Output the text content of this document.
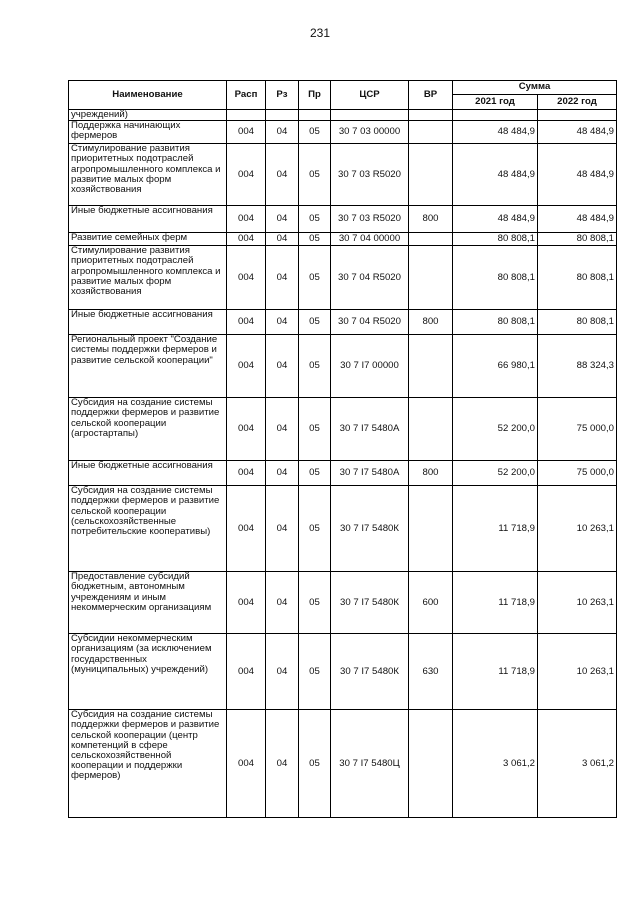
231
Наименование	Расп	Рз	Пр	ЦСР	ВР	Сумма	
						2021 год	2022 год
учреждений)							
Поддержка начинающих фермеров	004	04	05	30 7 03 00000		48 484,9	48 484,9
Стимулирование развития приоритетных подотраслей агропромышленного комплекса и развитие малых форм хозяйствования	004	04	05	30 7 03 R5020		48 484,9	48 484,9
Иные бюджетные ассигнования	004	04	05	30 7 03 R5020	800	48 484,9	48 484,9
Развитие семейных ферм	004	04	05	30 7 04 00000		80 808,1	80 808,1
Стимулирование развития приоритетных подотраслей агропромышленного комплекса и развитие малых форм хозяйствования	004	04	05	30 7 04 R5020		80 808,1	80 808,1
Иные бюджетные ассигнования	004	04	05	30 7 04 R5020	800	80 808,1	80 808,1
Региональный проект "Создание системы поддержки фермеров и развитие сельской кооперации"	004	04	05	30 7 I7 00000		66 980,1	88 324,3
Субсидия на создание системы поддержки фермеров и развитие сельской кооперации (агростартапы)	004	04	05	30 7 I7 5480А		52 200,0	75 000,0
Иные бюджетные ассигнования	004	04	05	30 7 I7 5480А	800	52 200,0	75 000,0
Субсидия на создание системы поддержки фермеров и развитие сельской кооперации (сельскохозяйственные потребительские кооперативы)	004	04	05	30 7 I7 5480К		11 718,9	10 263,1
Предоставление субсидий бюджетным, автономным учреждениям и иным некоммерческим организациям	004	04	05	30 7 I7 5480К	600	11 718,9	10 263,1
Субсидии некоммерческим организациям (за исключением государственных (муниципальных) учреждений)	004	04	05	30 7 I7 5480К	630	11 718,9	10 263,1
Субсидия на создание системы поддержки фермеров и развитие сельской кооперации (центр компетенций в сфере сельскохозяйственной кооперации и поддержки фермеров)	004	04	05	30 7 I7 5480Ц		3 061,2	3 061,2
